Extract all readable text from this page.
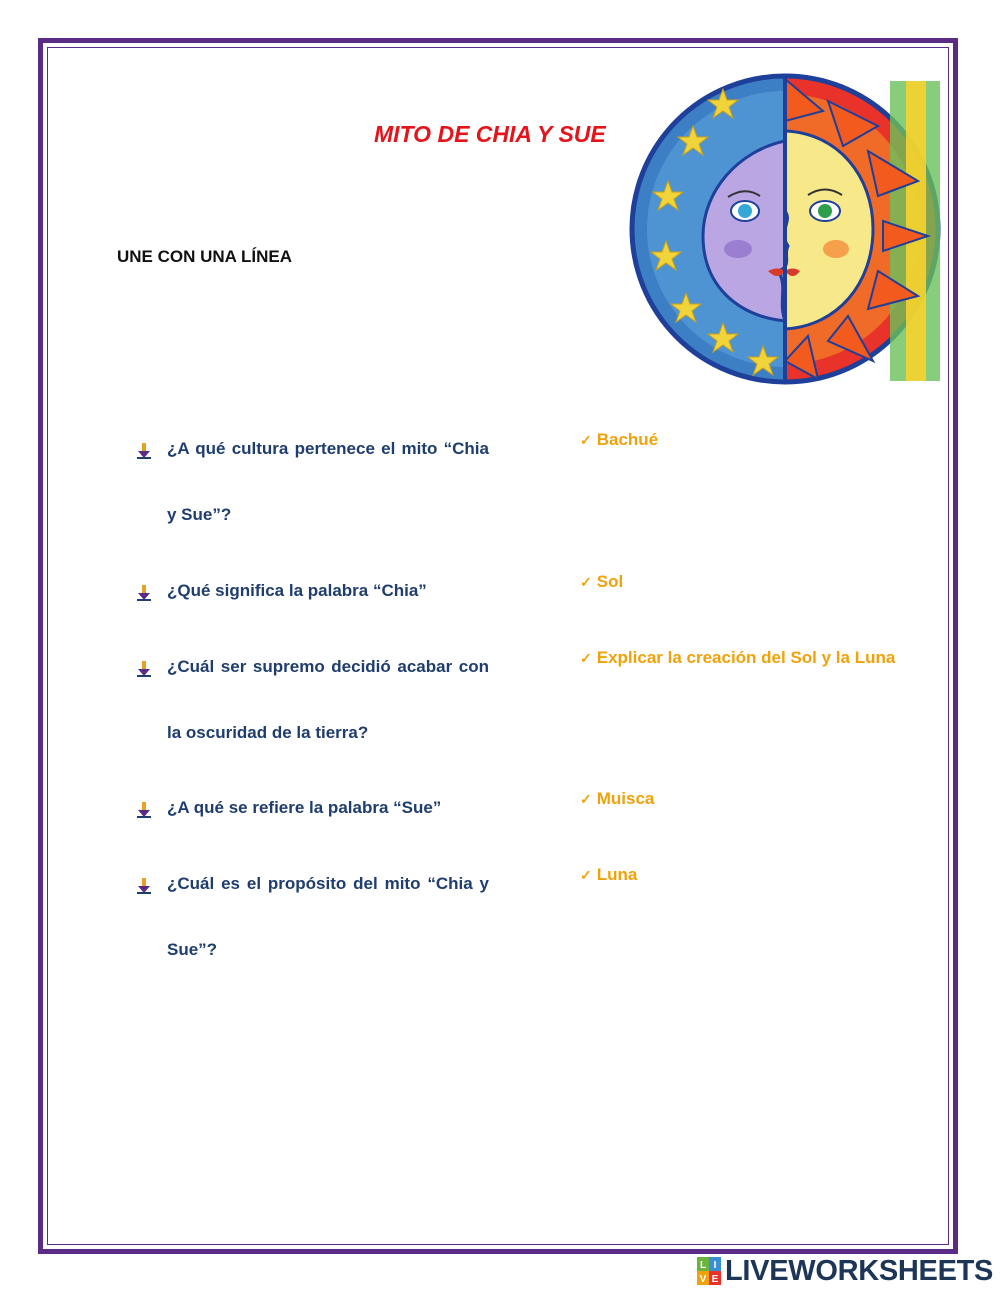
MITO DE CHIA Y SUE
UNE CON UNA LÍNEA
¿A qué cultura pertenece el mito “Chia y Sue”?
¿Qué significa la palabra “Chia”
¿Cuál ser supremo decidió acabar con la oscuridad de la tierra?
¿A qué se refiere la palabra “Sue”
¿Cuál es el propósito del mito “Chia y Sue”?
✓ Bachué
✓ Sol
✓ Explicar la creación del Sol y la Luna
✓ Muisca
✓ Luna
L I
V E LIVEWORKSHEETS
